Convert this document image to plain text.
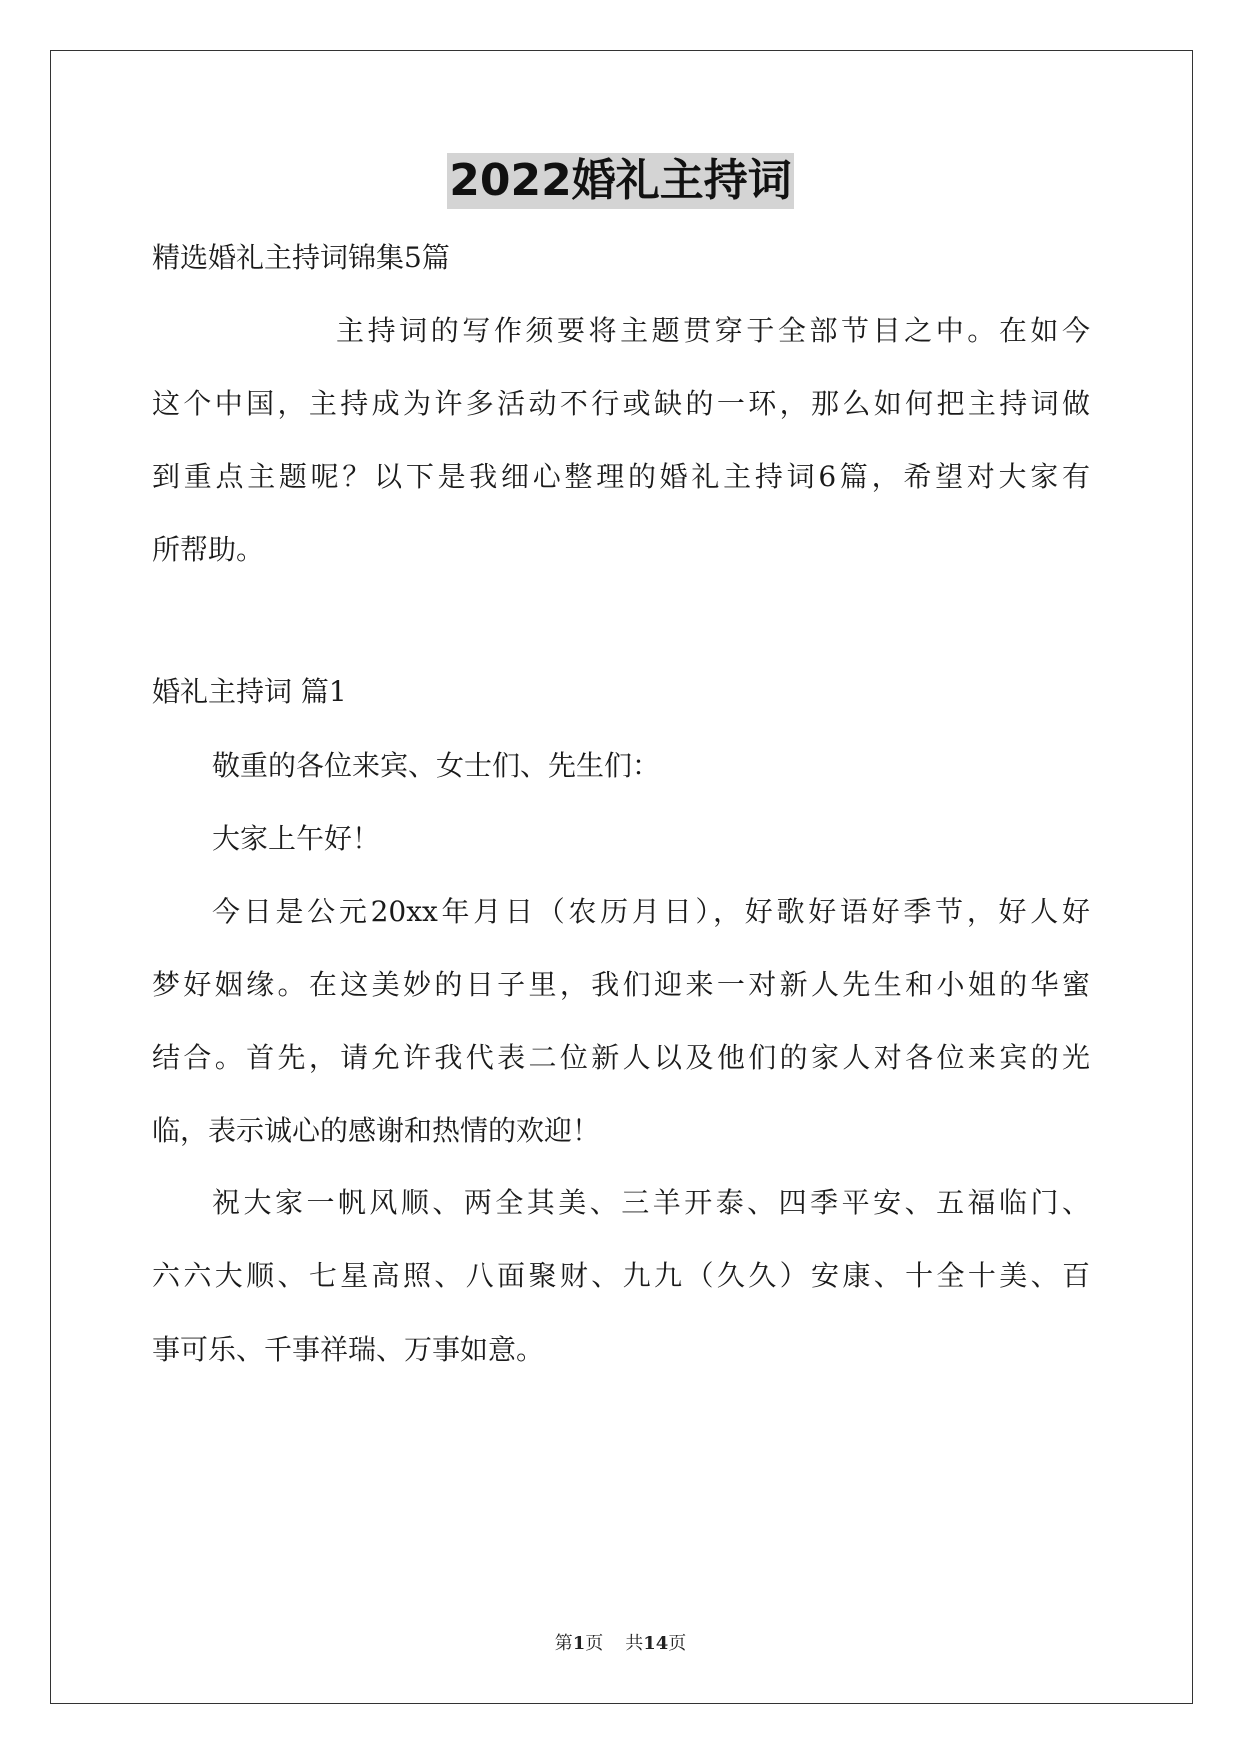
2022婚礼主持词
精选婚礼主持词锦集5篇
主持词的写作须要将主题贯穿于全部节目之中。在如今
这个中国，主持成为许多活动不行或缺的一环，那么如何把主持词做
到重点主题呢？以下是我细心整理的婚礼主持词6篇，希望对大家有
所帮助。
婚礼主持词 篇1
敬重的各位来宾、女士们、先生们：
大家上午好！
今日是公元20xx年月日（农历月日），好歌好语好季节，好人好
梦好姻缘。在这美妙的日子里，我们迎来一对新人先生和小姐的华蜜
结合。首先，请允许我代表二位新人以及他们的家人对各位来宾的光
临，表示诚心的感谢和热情的欢迎！
祝大家一帆风顺、两全其美、三羊开泰、四季平安、五福临门、
六六大顺、七星高照、八面聚财、九九（久久）安康、十全十美、百
事可乐、千事祥瑞、万事如意。
第1页 共14页
